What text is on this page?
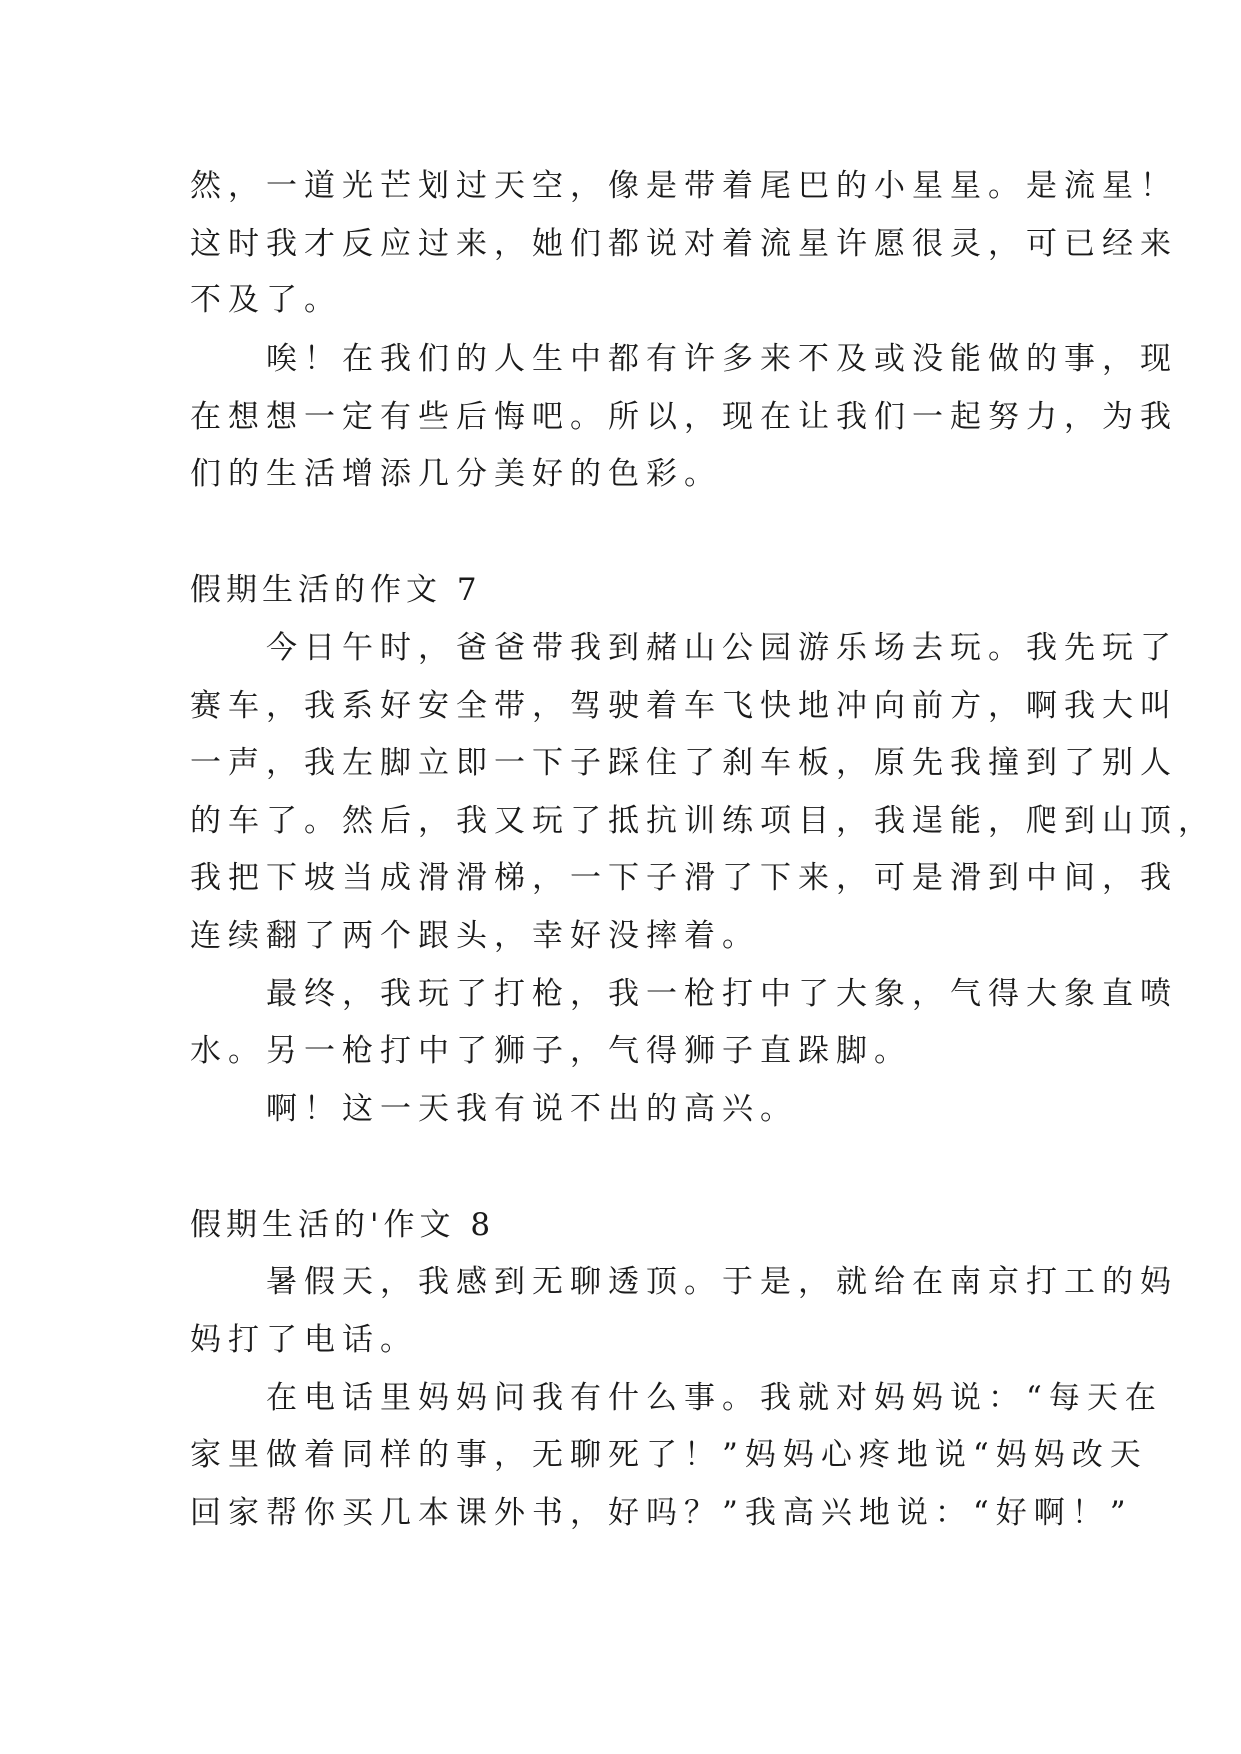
然，一道光芒划过天空，像是带着尾巴的小星星。是流星！
这时我才反应过来，她们都说对着流星许愿很灵，可已经来
不及了。
　　唉！在我们的人生中都有许多来不及或没能做的事，现
在想想一定有些后悔吧。所以，现在让我们一起努力，为我
们的生活增添几分美好的色彩。
假期生活的作文 7
　　今日午时，爸爸带我到赭山公园游乐场去玩。我先玩了
赛车，我系好安全带，驾驶着车飞快地冲向前方，啊我大叫
一声，我左脚立即一下子踩住了刹车板，原先我撞到了别人
的车了。然后，我又玩了抵抗训练项目，我逞能，爬到山顶，
我把下坡当成滑滑梯，一下子滑了下来，可是滑到中间，我
连续翻了两个跟头，幸好没摔着。
　　最终，我玩了打枪，我一枪打中了大象，气得大象直喷
水。另一枪打中了狮子，气得狮子直跺脚。
　　啊！这一天我有说不出的高兴。
假期生活的'作文 8
　　暑假天，我感到无聊透顶。于是，就给在南京打工的妈
妈打了电话。
　　在电话里妈妈问我有什么事。我就对妈妈说：“每天在
家里做着同样的事，无聊死了！”妈妈心疼地说“妈妈改天
回家帮你买几本课外书，好吗？”我高兴地说：“好啊！”
